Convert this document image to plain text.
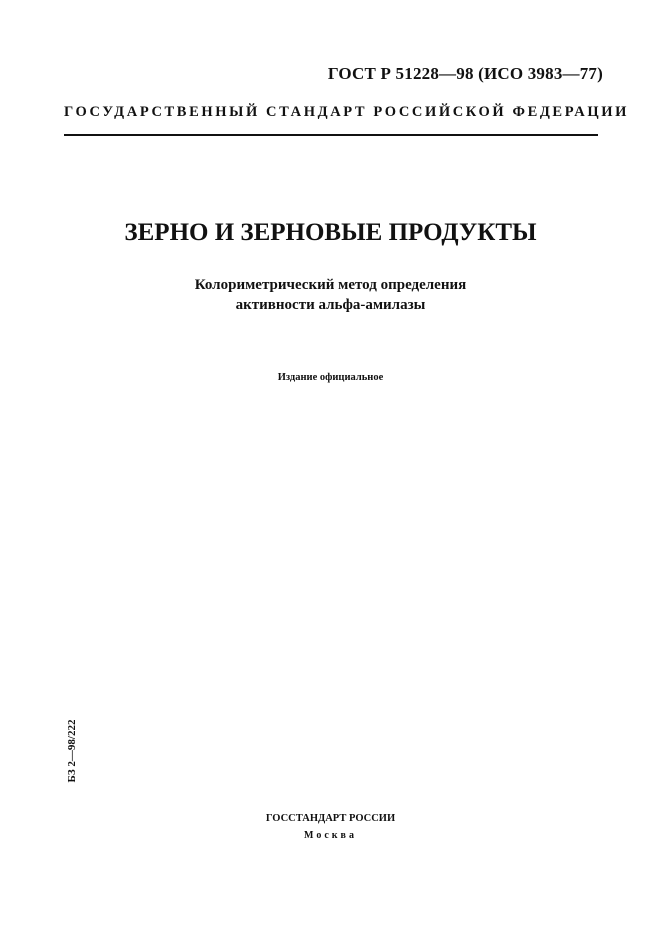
ГОСТ Р 51228—98 (ИСО 3983—77)
ГОСУДАРСТВЕННЫЙ СТАНДАРТ РОССИЙСКОЙ ФЕДЕРАЦИИ
ЗЕРНО И ЗЕРНОВЫЕ ПРОДУКТЫ
Колориметрический метод определения
активности альфа-амилазы
Издание официальное
БЗ 2—98/222
ГОССТАНДАРТ РОССИИ
Москва
